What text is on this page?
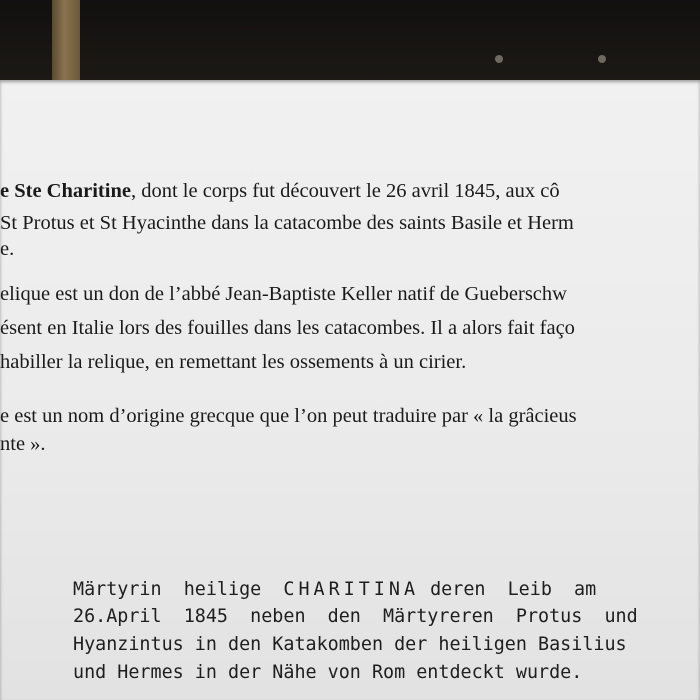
e Ste Charitine, dont le corps fut découvert le 26 avril 1845, aux cô
St Protus et St Hyacinthe dans la catacombe des saints Basile et Herm
e.
elique est un don de l’abbé Jean-Baptiste Keller natif de Gueberschw
ésent en Italie lors des fouilles dans les catacombes. Il a alors fait faço
habiller la relique, en remettant les ossements à un cirier.
e est un nom d’origine grecque que l’on peut traduire par « la grâcieus
nte ».
Märtyrin  heilige  CHARITINA deren  Leib  am
26.April  1845  neben  den  Märtyreren  Protus  und
Hyanzintus in den Katakomben der heiligen Basilius
und Hermes in der Nähe von Rom entdeckt wurde.
